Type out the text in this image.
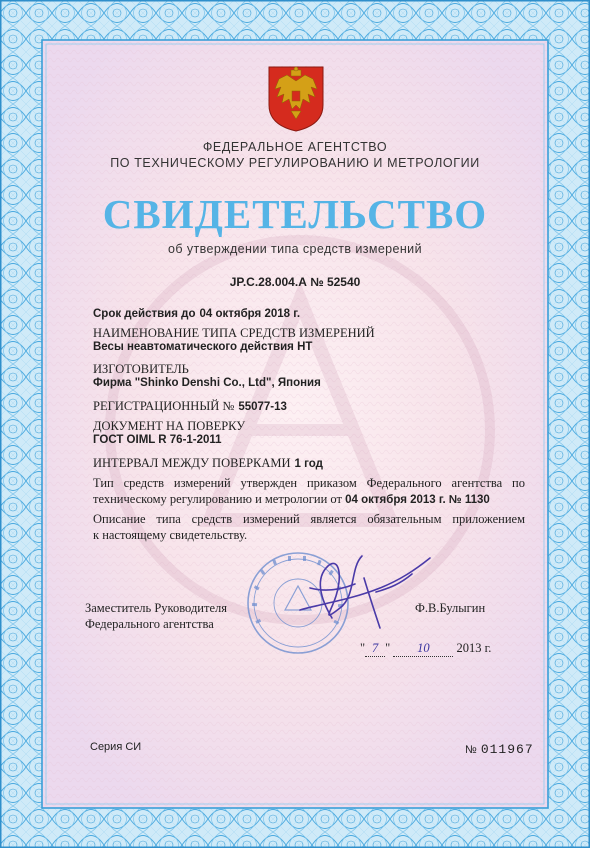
ФЕДЕРАЛЬНОЕ АГЕНТСТВО
ПО ТЕХНИЧЕСКОМУ РЕГУЛИРОВАНИЮ И МЕТРОЛОГИИ
СВИДЕТЕЛЬСТВО
об утверждении типа средств измерений
JP.C.28.004.A № 52540
Срок действия до 04 октября 2018 г.
НАИМЕНОВАНИЕ ТИПА СРЕДСТВ ИЗМЕРЕНИЙ
Весы неавтоматического действия HT
ИЗГОТОВИТЕЛЬ
Фирма "Shinko Denshi Co., Ltd", Япония
РЕГИСТРАЦИОННЫЙ № 55077-13
ДОКУМЕНТ НА ПОВЕРКУ
ГОСТ OIML R 76-1-2011
ИНТЕРВАЛ МЕЖДУ ПОВЕРКАМИ 1 год
Тип средств измерений утвержден приказом Федерального агентства по
техническому регулированию и метрологии от 04 октября 2013 г. № 1130
Описание типа средств измерений является обязательным приложением
к настоящему свидетельству.
Заместитель Руководителя
Федерального агентства
Ф.В.Булыгин
" 7 " 10 2013 г.
Серия СИ	№ 011967
